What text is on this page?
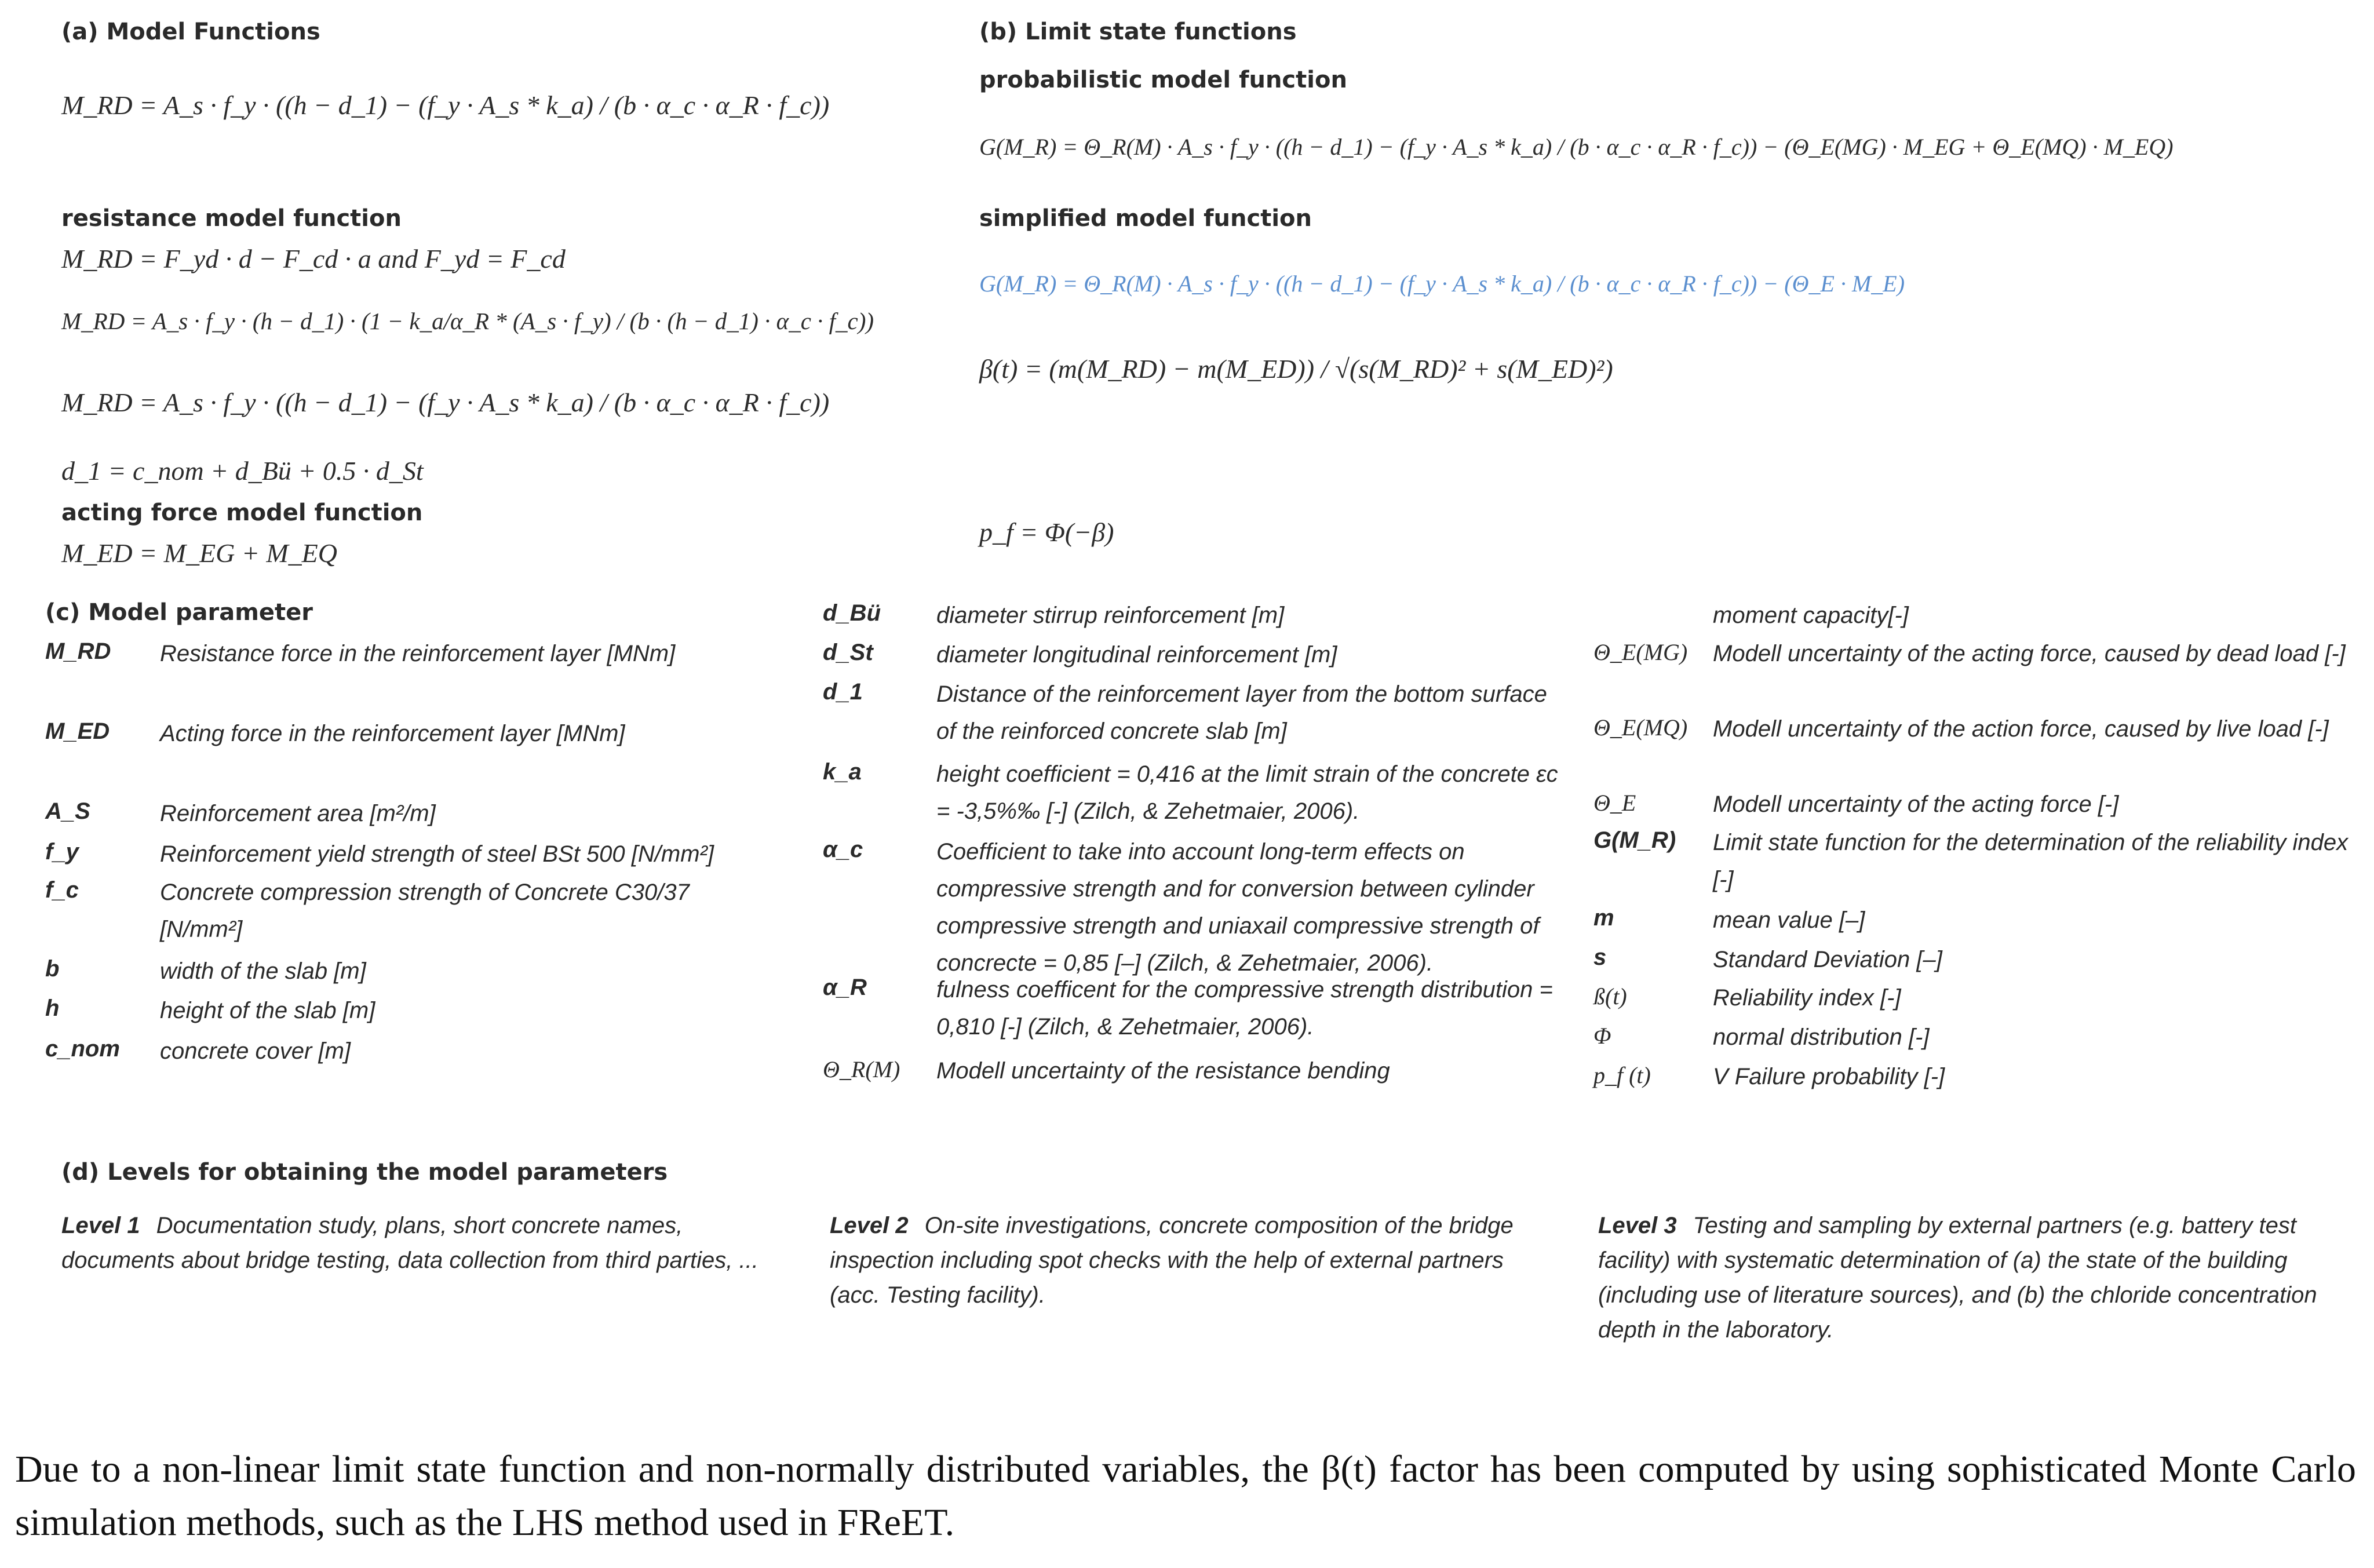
(a) Model Functions
M_RD = A_s · f_y · ((h − d_1) − (f_y · A_s * k_a) / (b · α_c · α_R · f_c))
resistance model function
M_RD = F_yd · d − F_cd · a and F_yd = F_cd
M_RD = A_s · f_y · (h − d_1) · (1 − k_a/α_R * (A_s · f_y) / (b · (h − d_1) · α_c · f_c))
M_RD = A_s · f_y · ((h − d_1) − (f_y · A_s * k_a) / (b · α_c · α_R · f_c))
d_1 = c_nom + d_Bü + 0.5 · d_St
acting force model function
M_ED = M_EG + M_EQ
(b) Limit state functions
probabilistic model function
G(M_R) = Θ_R(M) · A_s · f_y · ((h − d_1) − (f_y · A_s * k_a) / (b · α_c · α_R · f_c)) − (Θ_E(MG) · M_EG + Θ_E(MQ) · M_EQ)
simplified model function
G(M_R) = Θ_R(M) · A_s · f_y · ((h − d_1) − (f_y · A_s * k_a) / (b · α_c · α_R · f_c)) − (Θ_E · M_E)
β(t) = (m(M_RD) − m(M_ED)) / √(s(M_RD)² + s(M_ED)²)
p_f = Φ(−β)
(c) Model parameter
M_RD Resistance force in the reinforcement layer [MNm]
M_ED Acting force in the reinforcement layer [MNm]
A_S	Reinforcement area [m²/m]
f_y	Reinforcement yield strength of steel BSt 500 [N/mm²]
f_c	Concrete compression strength of Concrete C30/37 [N/mm²]
b	width of the slab [m]
h	height of the slab [m]
c_nom concrete cover [m]
d_Bü diameter stirrup reinforcement [m]
d_St	diameter longitudinal reinforcement [m]
d_1	Distance of the reinforcement layer from the bottom surface of the reinforced concrete slab [m]
k_a	height coefficient = 0,416 at the limit strain of the concrete εc = -3,5%‰ [-] (Zilch, & Zehetmaier, 2006).
α_c	Coefficient to take into account long-term effects on compressive strength and for conversion between cylinder compressive strength and uniaxail compressive strength of concrecte = 0,85 [–] (Zilch, & Zehetmaier, 2006).
α_R	fulness coefficent for the compressive strength distribution = 0,810 [-] (Zilch, & Zehetmaier, 2006).
Θ_R(M) Modell uncertainty of the resistance bending
moment capacity[-]
Θ_E(MG) Modell uncertainty of the acting force, caused by dead load [-]
Θ_E(MQ) Modell uncertainty of the action force, caused by live load [-]
Θ_E	Modell uncertainty of the acting force [-]
G(M_R) Limit state function for the determination of the reliability index [-]
m	mean value [–]
s	Standard Deviation [–]
ß(t)	Reliability index [-]
Φ	normal distribution [-]
p_f (t)	V Failure probability [-]
(d) Levels for obtaining the model parameters
Level 1 Documentation study, plans, short concrete names, documents about bridge testing, data collection from third parties, ...
Level 2 On-site investigations, concrete composition of the bridge inspection including spot checks with the help of external partners (acc. Testing facility).
Level 3 Testing and sampling by external partners (e.g. battery test facility) with systematic determination of (a) the state of the building (including use of literature sources), and (b) the chloride concentration depth in the laboratory.
Due to a non-linear limit state function and non-normally distributed variables, the β(t) factor has been computed by using sophisticated Monte Carlo simulation methods, such as the LHS method used in FReET.
